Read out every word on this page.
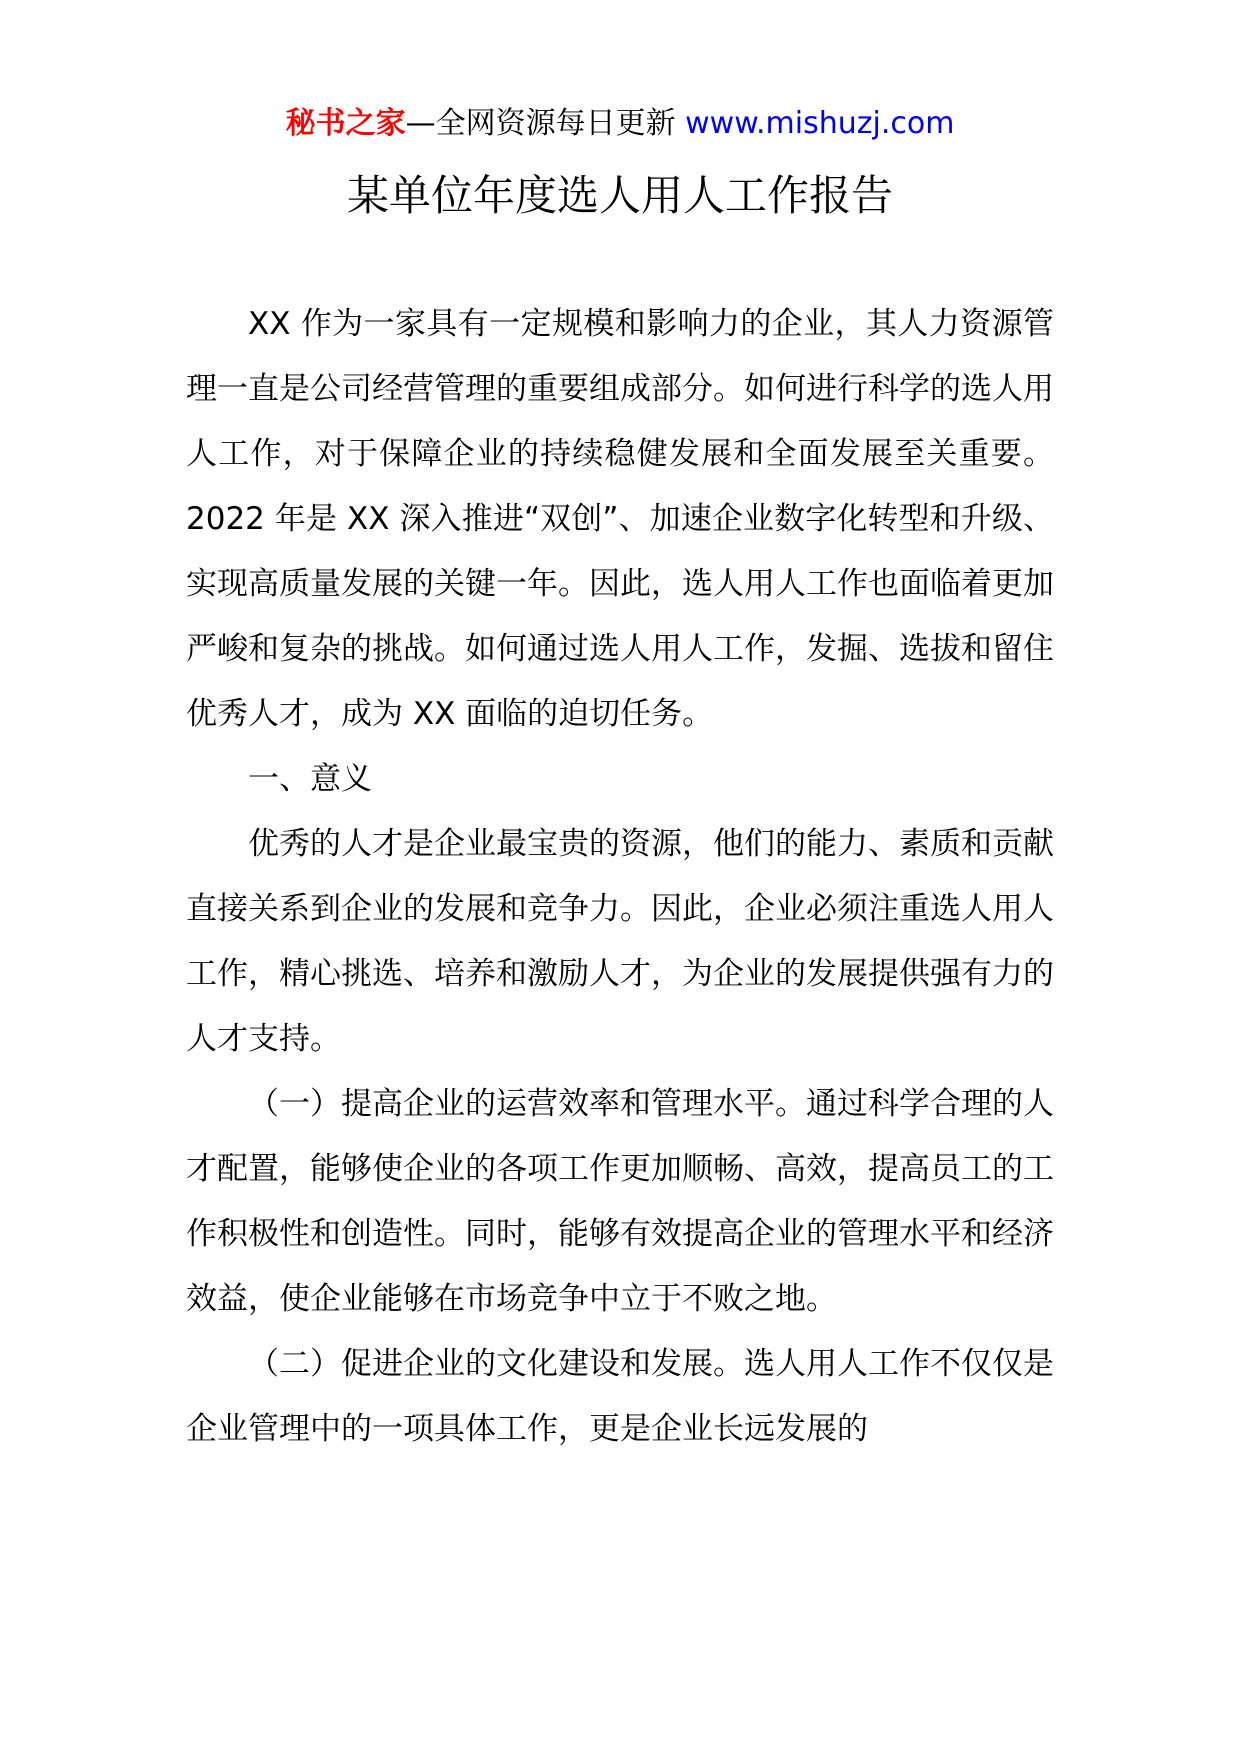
秘书之家—全网资源每日更新 www.mishuzj.com
某单位年度选人用人工作报告

XX 作为一家具有一定规模和影响力的企业，其人力资源管理一直是公司经营管理的重要组成部分。如何进行科学的选人用人工作，对于保障企业的持续稳健发展和全面发展至关重要。2022 年是 XX 深入推进“双创”、加速企业数字化转型和升级、实现高质量发展的关键一年。因此，选人用人工作也面临着更加严峻和复杂的挑战。如何通过选人用人工作，发掘、选拔和留住优秀人才，成为 XX 面临的迫切任务。

一、意义

优秀的人才是企业最宝贵的资源，他们的能力、素质和贡献直接关系到企业的发展和竞争力。因此，企业必须注重选人用人工作，精心挑选、培养和激励人才，为企业的发展提供强有力的人才支持。

（一）提高企业的运营效率和管理水平。通过科学合理的人才配置，能够使企业的各项工作更加顺畅、高效，提高员工的工作积极性和创造性。同时，能够有效提高企业的管理水平和经济效益，使企业能够在市场竞争中立于不败之地。

（二）促进企业的文化建设和发展。选人用人工作不仅仅是企业管理中的一项具体工作，更是企业长远发展的
